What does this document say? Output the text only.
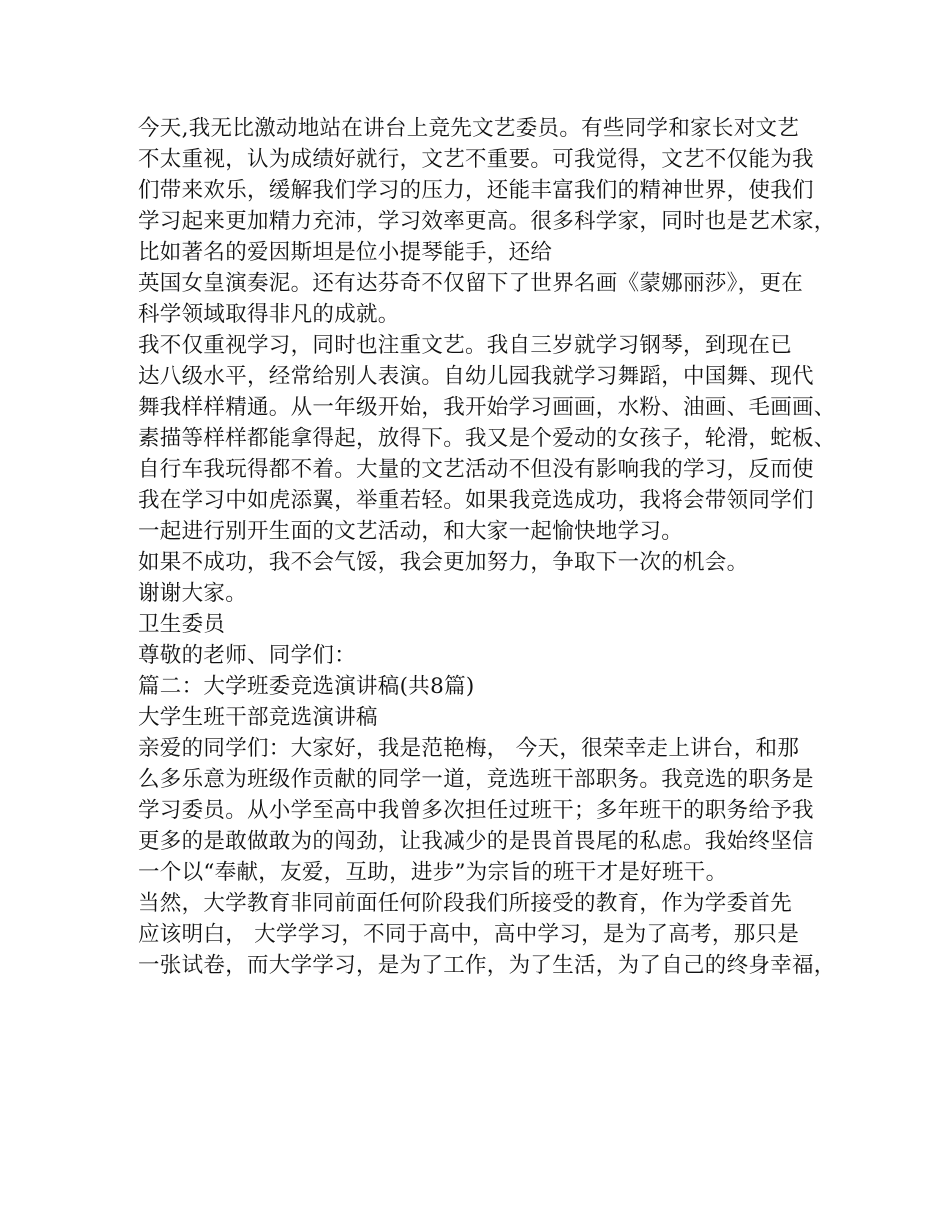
今天,我无比激动地站在讲台上竞先文艺委员。有些同学和家长对文艺
不太重视，认为成绩好就行，文艺不重要。可我觉得，文艺不仅能为我
们带来欢乐，缓解我们学习的压力，还能丰富我们的精神世界，使我们
学习起来更加精力充沛，学习效率更高。很多科学家，同时也是艺术家，
比如著名的爱因斯坦是位小提琴能手，还给
英国女皇演奏泥。还有达芬奇不仅留下了世界名画《蒙娜丽莎》，更在
科学领域取得非凡的成就。
我不仅重视学习，同时也注重文艺。我自三岁就学习钢琴，到现在已
达八级水平，经常给别人表演。自幼儿园我就学习舞蹈，中国舞、现代
舞我样样精通。从一年级开始，我开始学习画画，水粉、油画、毛画画、
素描等样样都能拿得起，放得下。我又是个爱动的女孩子，轮滑，蛇板、
自行车我玩得都不着。大量的文艺活动不但没有影响我的学习，反而使
我在学习中如虎添翼，举重若轻。如果我竞选成功，我将会带领同学们
一起进行别开生面的文艺活动，和大家一起愉快地学习。
如果不成功，我不会气馁，我会更加努力，争取下一次的机会。
谢谢大家。
卫生委员
尊敬的老师、同学们：
篇二：大学班委竞选演讲稿(共8篇)
大学生班干部竞选演讲稿
亲爱的同学们：大家好，我是范艳梅， 今天，很荣幸走上讲台，和那
么多乐意为班级作贡献的同学一道，竞选班干部职务。我竞选的职务是
学习委员。从小学至高中我曾多次担任过班干；多年班干的职务给予我
更多的是敢做敢为的闯劲，让我减少的是畏首畏尾的私虑。我始终坚信
一个以“奉献，友爱，互助，进步”为宗旨的班干才是好班干。
当然，大学教育非同前面任何阶段我们所接受的教育，作为学委首先
应该明白， 大学学习，不同于高中，高中学习，是为了高考，那只是
一张试卷，而大学学习，是为了工作，为了生活，为了自己的终身幸福，
